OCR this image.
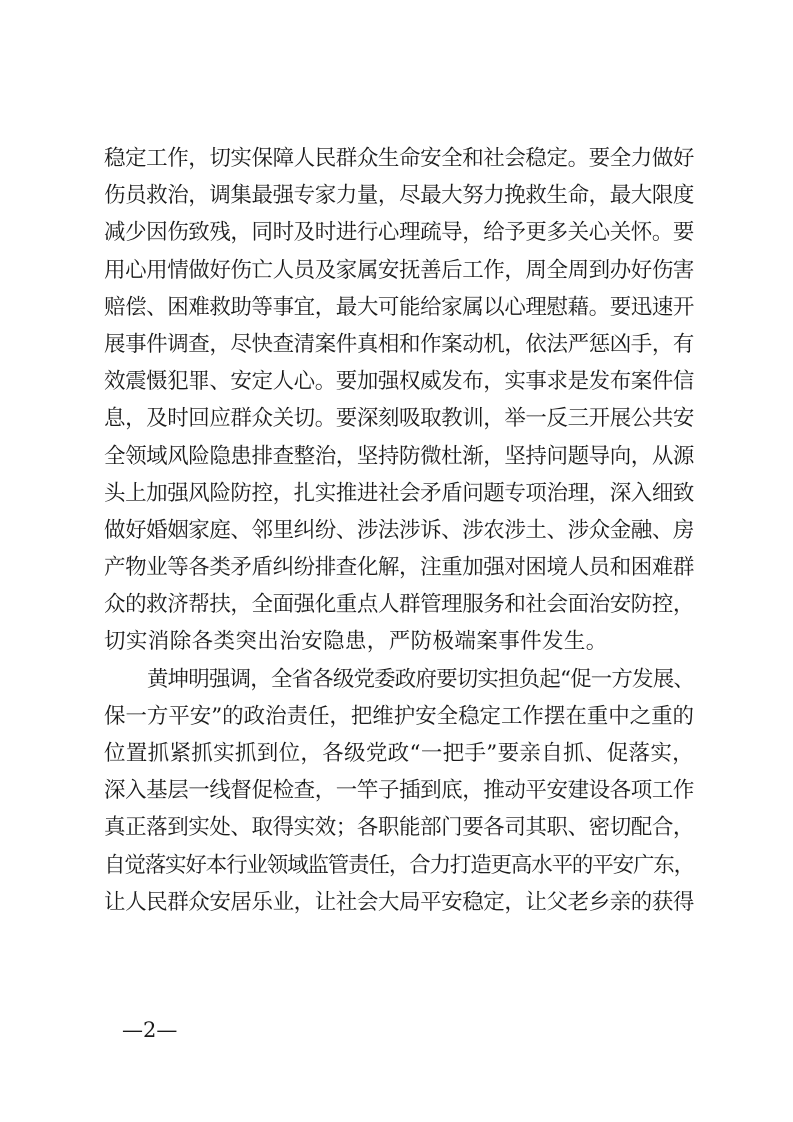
稳定工作，切实保障人民群众生命安全和社会稳定。要全力做好
伤员救治，调集最强专家力量，尽最大努力挽救生命，最大限度
减少因伤致残，同时及时进行心理疏导，给予更多关心关怀。要
用心用情做好伤亡人员及家属安抚善后工作，周全周到办好伤害
赔偿、困难救助等事宜，最大可能给家属以心理慰藉。要迅速开
展事件调查，尽快查清案件真相和作案动机，依法严惩凶手，有
效震慑犯罪、安定人心。要加强权威发布，实事求是发布案件信
息，及时回应群众关切。要深刻吸取教训，举一反三开展公共安
全领域风险隐患排查整治，坚持防微杜渐，坚持问题导向，从源
头上加强风险防控，扎实推进社会矛盾问题专项治理，深入细致
做好婚姻家庭、邻里纠纷、涉法涉诉、涉农涉土、涉众金融、房
产物业等各类矛盾纠纷排查化解，注重加强对困境人员和困难群
众的救济帮扶，全面强化重点人群管理服务和社会面治安防控，
切实消除各类突出治安隐患，严防极端案事件发生。
黄坤明强调，全省各级党委政府要切实担负起“促一方发展、
保一方平安”的政治责任，把维护安全稳定工作摆在重中之重的
位置抓紧抓实抓到位，各级党政“一把手”要亲自抓、促落实，
深入基层一线督促检查，一竿子插到底，推动平安建设各项工作
真正落到实处、取得实效；各职能部门要各司其职、密切配合，
自觉落实好本行业领域监管责任，合力打造更高水平的平安广东，
让人民群众安居乐业，让社会大局平安稳定，让父老乡亲的获得
—2—
